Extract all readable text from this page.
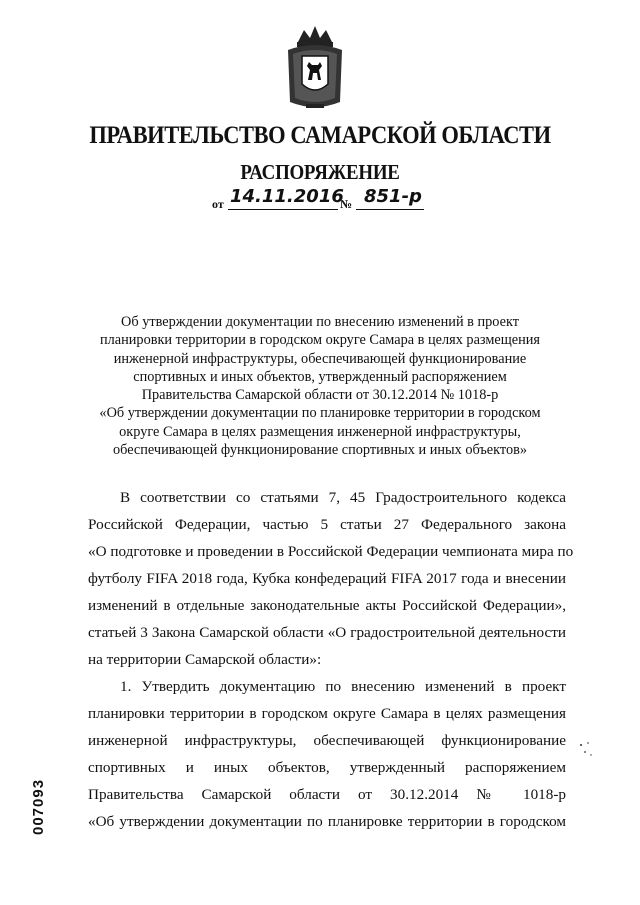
ПРАВИТЕЛЬСТВО САМАРСКОЙ ОБЛАСТИ
РАСПОРЯЖЕНИЕ
от 14.11.2016
№ 851-р
Об утверждении документации по внесению изменений в проект
планировки территории в городском округе Самара в целях размещения
инженерной инфраструктуры, обеспечивающей функционирование
спортивных и иных объектов, утвержденный распоряжением
Правительства Самарской области от 30.12.2014 № 1018-р
«Об утверждении документации по планировке территории в городском
округе Самара в целях размещения инженерной инфраструктуры,
обеспечивающей функционирование спортивных и иных объектов»
В соответствии со статьями 7, 45 Градостроительного кодекса
Российской Федерации, частью 5 статьи 27 Федерального закона
«О подготовке и проведении в Российской Федерации чемпионата мира по
футболу FIFA 2018 года, Кубка конфедераций FIFA 2017 года и внесении
изменений в отдельные законодательные акты Российской Федерации»,
статьей 3 Закона Самарской области «О градостроительной деятельности
на территории Самарской области»:
1. Утвердить документацию по внесению изменений в проект
планировки территории в городском округе Самара в целях размещения
инженерной инфраструктуры, обеспечивающей функционирование
спортивных и иных объектов, утвержденный распоряжением
Правительства Самарской области от 30.12.2014 № 1018-р
«Об утверждении документации по планировке территории в городском
007093
